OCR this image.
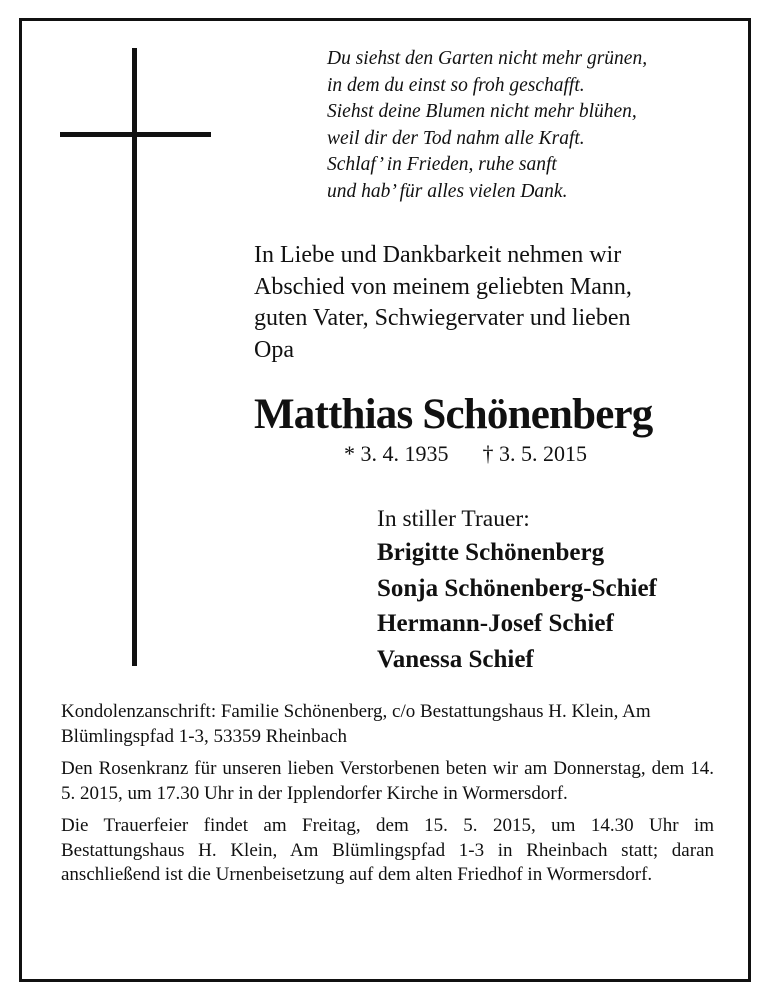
Du siehst den Garten nicht mehr grünen,
in dem du einst so froh geschafft.
Siehst deine Blumen nicht mehr blühen,
weil dir der Tod nahm alle Kraft.
Schlaf’ in Frieden, ruhe sanft
und hab’ für alles vielen Dank.
In Liebe und Dankbarkeit nehmen wir
Abschied von meinem geliebten Mann,
guten Vater, Schwiegervater und lieben
Opa
Matthias Schönenberg
* 3. 4. 1935 † 3. 5. 2015
In stiller Trauer:
Brigitte Schönenberg
Sonja Schönenberg-Schief
Hermann-Josef Schief
Vanessa Schief

Kondolenzanschrift: Familie Schönenberg, c/o Bestattungshaus H. Klein, Am Blümlingspfad 1-3, 53359 Rheinbach

Den Rosenkranz für unseren lieben Verstorbenen beten wir am Donnerstag, dem 14. 5. 2015, um 17.30 Uhr in der Ipplendorfer Kirche in Wormersdorf.

Die Trauerfeier findet am Freitag, dem 15. 5. 2015, um 14.30 Uhr im Bestattungshaus H. Klein, Am Blümlingspfad 1-3 in Rheinbach statt; daran anschließend ist die Urnenbeisetzung auf dem alten Friedhof in Wormersdorf.
